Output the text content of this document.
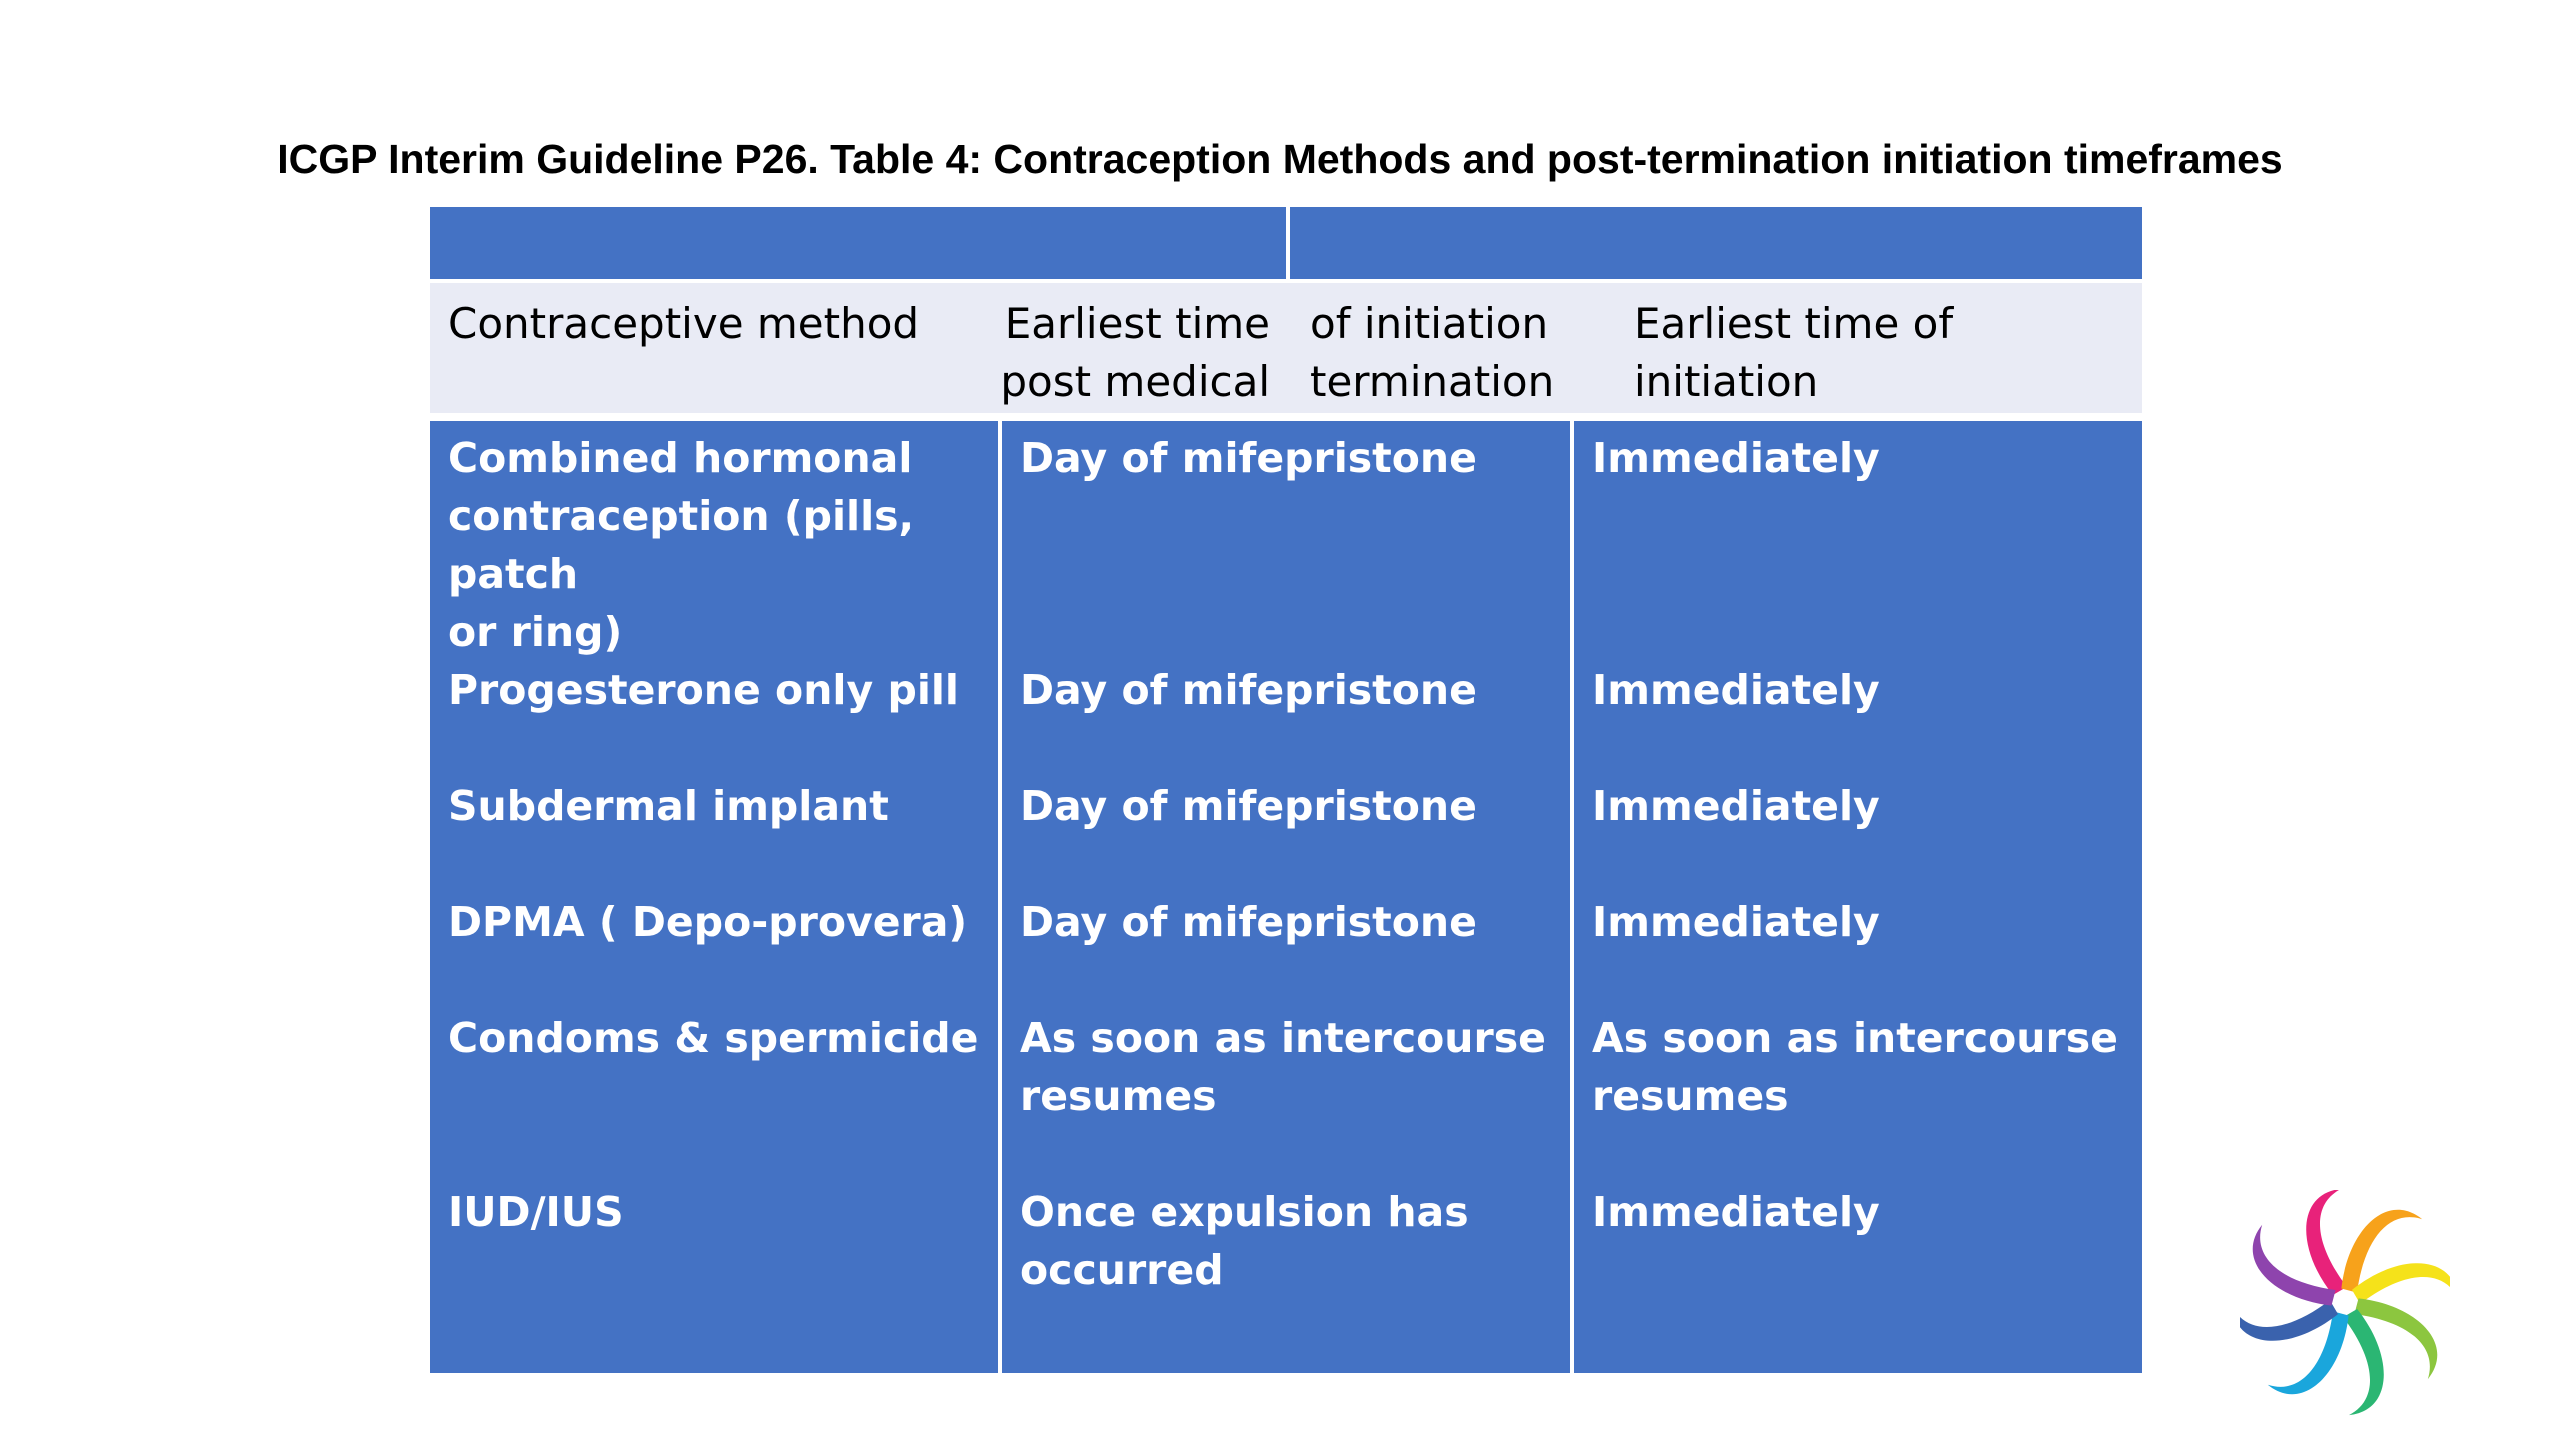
ICGP Interim Guideline P26. Table 4: Contraception Methods and post-termination initiation timeframes
Contraceptive method	Earliest time
post medical
of initiation
termination
Earliest time of initiation

Combined hormonal
contraception (pills, patch
or ring)

Progesterone only pill

Subdermal implant

DPMA ( Depo-provera)

Condoms & spermicide

IUD/IUS

Day of mifepristone

Day of mifepristone

Day of mifepristone

Day of mifepristone

As soon as intercourse
resumes

Once expulsion has
occurred

Immediately

Immediately

Immediately

Immediately

As soon as intercourse
resumes

Immediately
